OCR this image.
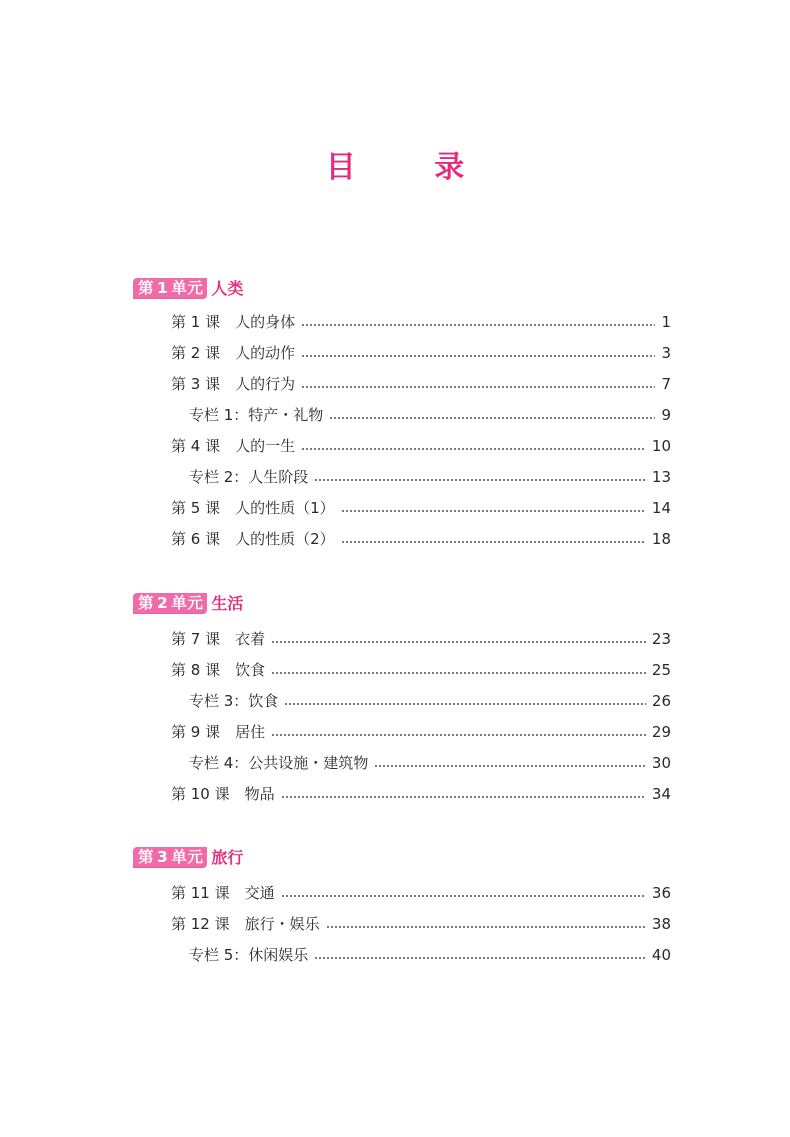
目 录
第 1 单元 人类
第 1 课　人的身体	1
第 2 课　人的动作	3
第 3 课　人的行为	7
专栏 1：特产・礼物	9
第 4 课　人的一生	10
专栏 2：人生阶段	13
第 5 课　人的性质（1）	14
第 6 课　人的性质（2）	18
第 2 单元 生活
第 7 课　衣着	23
第 8 课　饮食	25
专栏 3：饮食	26
第 9 课　居住	29
专栏 4：公共设施・建筑物	30
第 10 课　物品	34
第 3 单元 旅行
第 11 课　交通	36
第 12 课　旅行・娱乐	38
专栏 5：休闲娱乐	40
